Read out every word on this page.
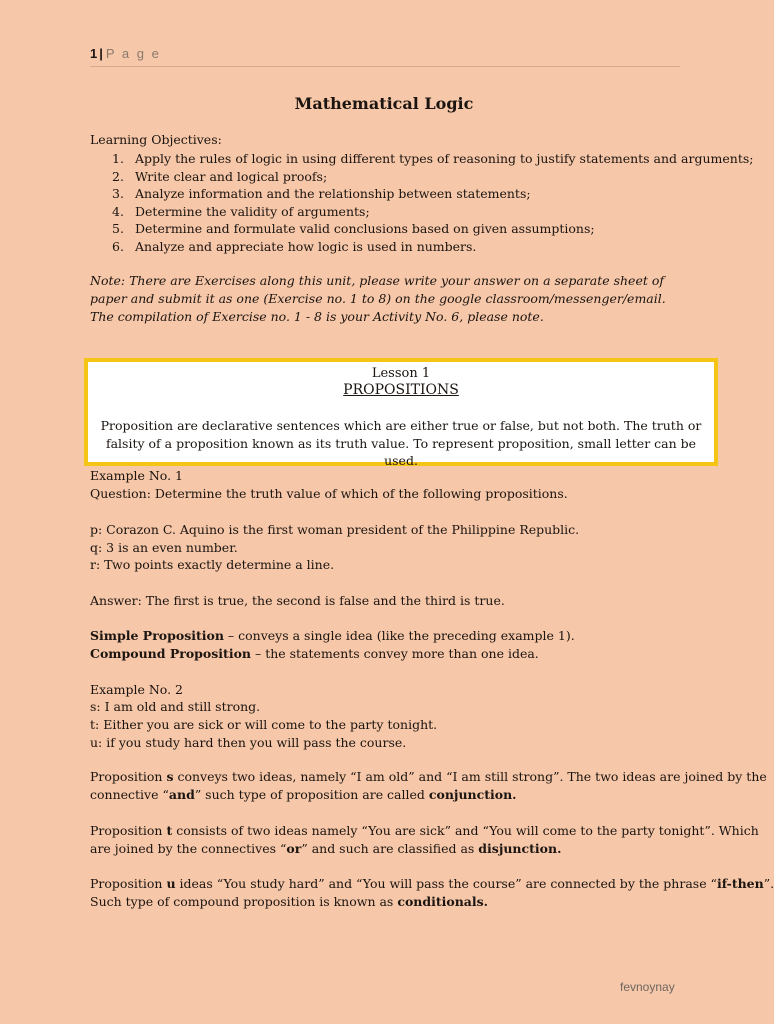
1 | P a g e
Mathematical Logic
Learning Objectives:
1. Apply the rules of logic in using different types of reasoning to justify statements and arguments;
2. Write clear and logical proofs;
3. Analyze information and the relationship between statements;
4. Determine the validity of arguments;
5. Determine and formulate valid conclusions based on given assumptions;
6. Analyze and appreciate how logic is used in numbers.
Note: There are Exercises along this unit, please write your answer on a separate sheet of paper and submit it as one (Exercise no. 1 to 8) on the google classroom/messenger/email. The compilation of Exercise no. 1 - 8 is your Activity No. 6, please note.
Lesson 1
PROPOSITIONS
Proposition are declarative sentences which are either true or false, but not both. The truth or falsity of a proposition known as its truth value. To represent proposition, small letter can be used.
Example No. 1
Question: Determine the truth value of which of the following propositions.
p: Corazon C. Aquino is the first woman president of the Philippine Republic.
q: 3 is an even number.
r: Two points exactly determine a line.
Answer: The first is true, the second is false and the third is true.
Simple Proposition – conveys a single idea (like the preceding example 1).
Compound Proposition – the statements convey more than one idea.
Example No. 2
s: I am old and still strong.
t: Either you are sick or will come to the party tonight.
u: if you study hard then you will pass the course.
Proposition s conveys two ideas, namely “I am old” and “I am still strong”. The two ideas are joined by the
connective “and” such type of proposition are called conjunction.
Proposition t consists of two ideas namely “You are sick” and “You will come to the party tonight”. Which
are joined by the connectives “or” and such are classified as disjunction.
Proposition u ideas “You study hard” and “You will pass the course” are connected by the phrase “if-then”.
Such type of compound proposition is known as conditionals.
fevnoynay
